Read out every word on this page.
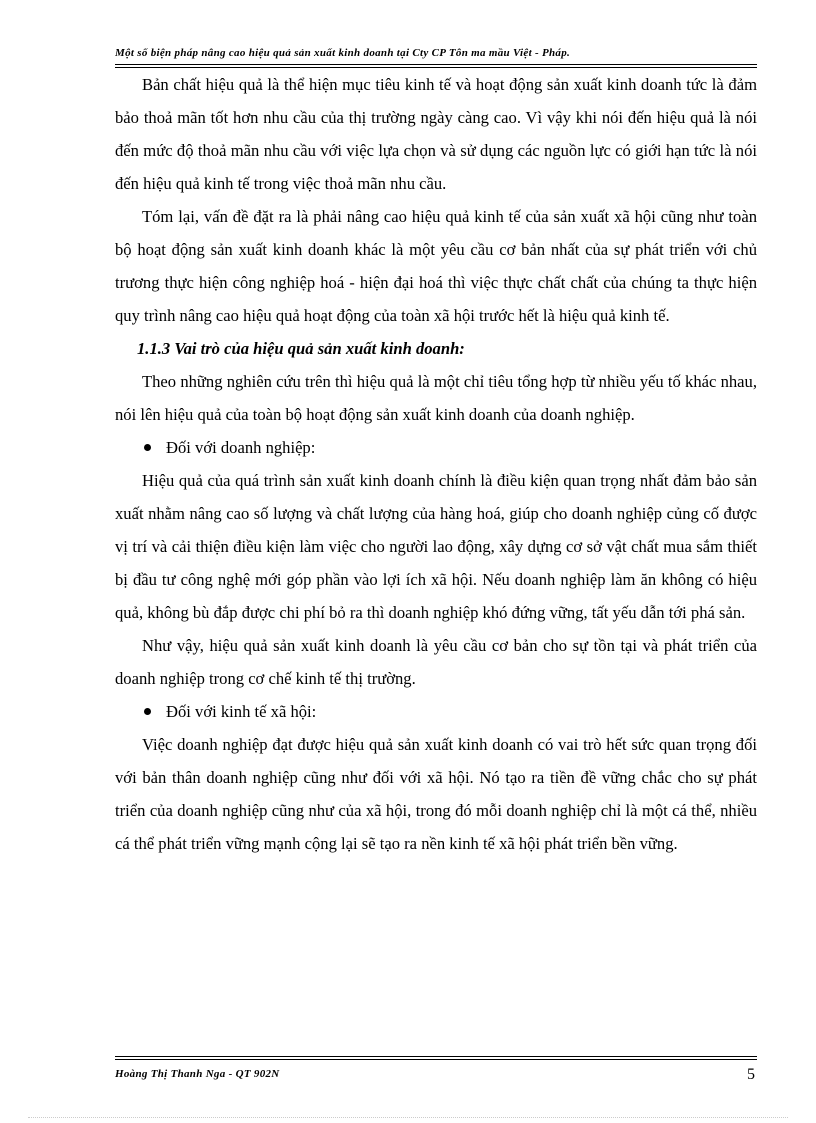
Một số biện pháp nâng cao hiệu quả sản xuất kinh doanh tại Cty CP Tôn ma mầu Việt - Pháp.

Bản chất hiệu quả là thể hiện mục tiêu kinh tế và hoạt động sản xuất kinh doanh tức là đảm bảo thoả mãn tốt hơn nhu cầu của thị trường ngày càng cao. Vì vậy khi nói đến hiệu quả là nói đến mức độ thoả mãn nhu cầu với việc lựa chọn và sử dụng các nguồn lực có giới hạn tức là nói đến hiệu quả kinh tế trong việc thoả mãn nhu cầu.

Tóm lại, vấn đề đặt ra là phải nâng cao hiệu quả kinh tế của sản xuất xã hội cũng như toàn bộ hoạt động sản xuất kinh doanh khác là một yêu cầu cơ bản nhất của sự phát triển với chủ trương thực hiện công nghiệp hoá - hiện đại hoá thì việc thực chất chất của chúng ta thực hiện quy trình nâng cao hiệu quả hoạt động của toàn xã hội trước hết là hiệu quả kinh tế.

1.1.3 Vai trò của hiệu quả sản xuất kinh doanh:

Theo những nghiên cứu trên thì hiệu quả là một chỉ tiêu tổng hợp từ nhiều yếu tố khác nhau, nói lên hiệu quả của toàn bộ hoạt động sản xuất kinh doanh của doanh nghiệp.

Đối với doanh nghiệp:

Hiệu quả của quá trình sản xuất kinh doanh chính là điều kiện quan trọng nhất đảm bảo sản xuất nhằm nâng cao số lượng và chất lượng của hàng hoá, giúp cho doanh nghiệp củng cố được vị trí và cải thiện điều kiện làm việc cho người lao động, xây dựng cơ sở vật chất mua sắm thiết bị đầu tư công nghệ mới góp phần vào lợi ích xã hội. Nếu doanh nghiệp làm ăn không có hiệu quả, không bù đắp được chi phí bỏ ra thì doanh nghiệp khó đứng vững, tất yếu dẫn tới phá sản.

Như vậy, hiệu quả sản xuất kinh doanh là yêu cầu cơ bản cho sự tồn tại và phát triển của doanh nghiệp trong cơ chế kinh tế thị trường.

Đối với kinh tế xã hội:

Việc doanh nghiệp đạt được hiệu quả sản xuất kinh doanh có vai trò hết sức quan trọng đối với bản thân doanh nghiệp cũng như đối với xã hội. Nó tạo ra tiền đề vững chắc cho sự phát triển của doanh nghiệp cũng như của xã hội, trong đó mỗi doanh nghiệp chỉ là một cá thể, nhiều cá thể phát triển vững mạnh cộng lại sẽ tạo ra nền kinh tế xã hội phát triển bền vững.

Hoàng Thị Thanh Nga - QT 902N	5
